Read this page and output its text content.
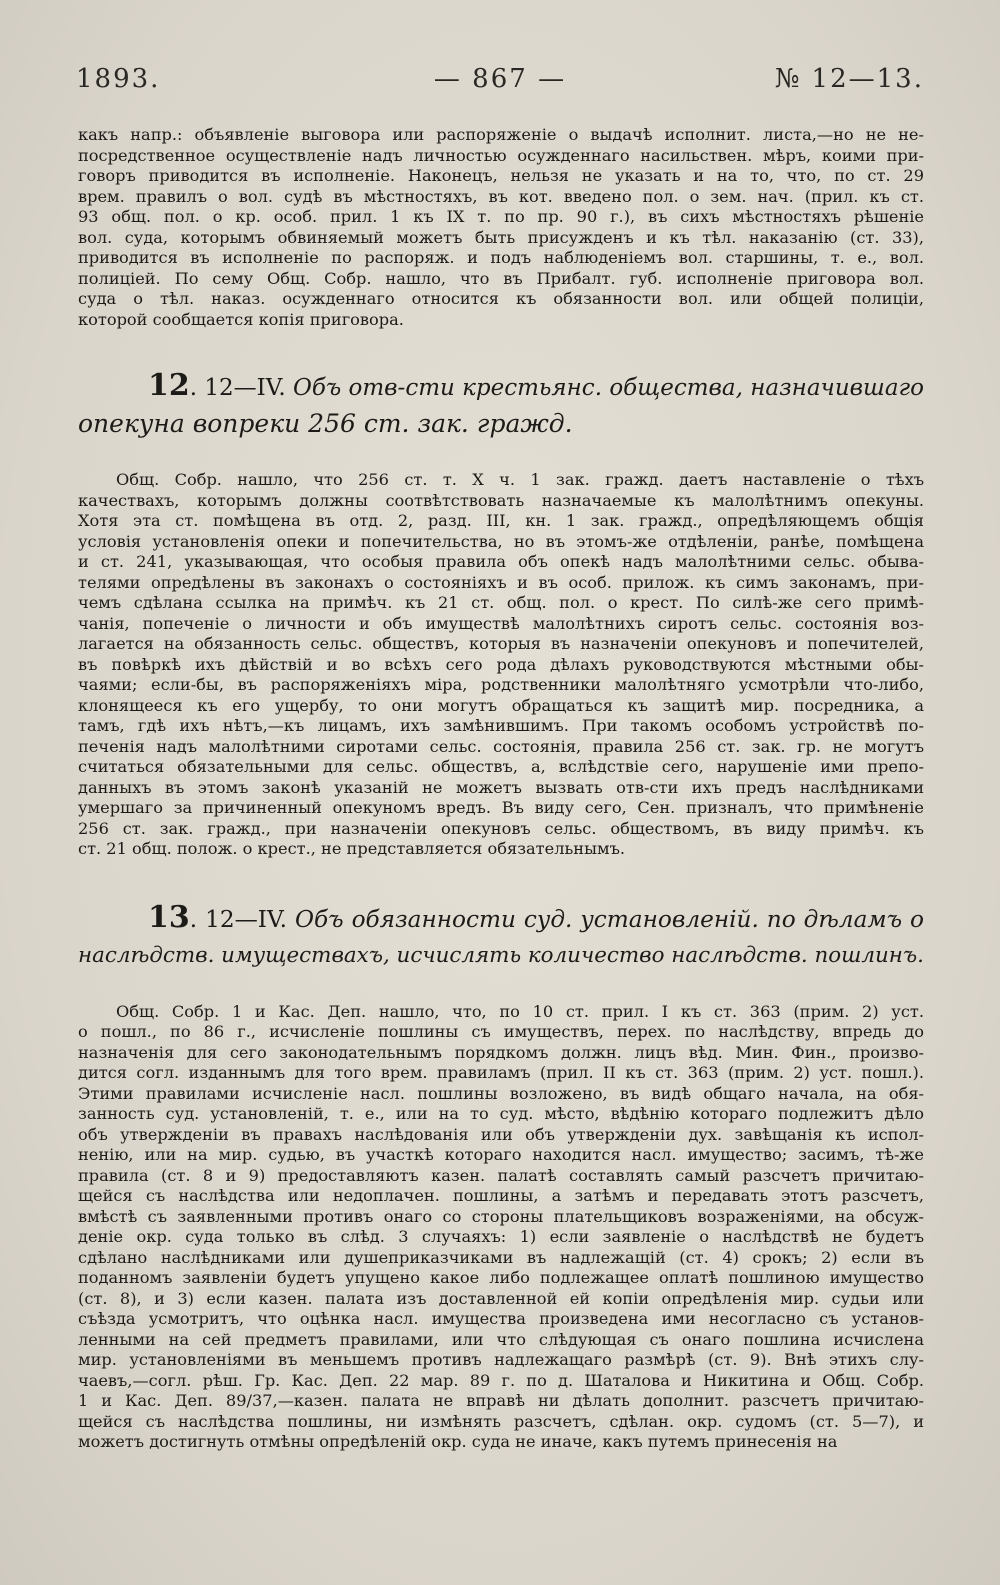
1893.	— 867 —	№ 12—13.
какъ напр.: объявленіе выговора или распоряженіе о выдачѣ исполнит. листа,—но не не-
посредственное осуществленіе надъ личностью осужденнаго насильствен. мѣръ, коими при-
говоръ приводится въ исполненіе. Наконецъ, нельзя не указать и на то, что, по ст. 29
врем. правилъ о вол. судѣ въ мѣстностяхъ, въ кот. введено пол. о зем. нач. (прил. къ ст.
93 общ. пол. о кр. особ. прил. 1 къ IX т. по пр. 90 г.), въ сихъ мѣстностяхъ рѣшеніе
вол. суда, которымъ обвиняемый можетъ быть присужденъ и къ тѣл. наказанію (ст. 33),
приводится въ исполненіе по распоряж. и подъ наблюденіемъ вол. старшины, т. е., вол.
полиціей. По сему Общ. Собр. нашло, что въ Прибалт. губ. исполненіе приговора вол.
суда о тѣл. наказ. осужденнаго относится къ обязанности вол. или общей полиціи,
которой сообщается копія приговора.
12. 12—IV. Объ отв-сти крестьянс. общества, назначившаго
опекуна вопреки 256 ст. зак. гражд.
Общ. Собр. нашло, что 256 ст. т. X ч. 1 зак. гражд. даетъ наставленіе о тѣхъ
качествахъ, которымъ должны соотвѣтствовать назначаемые къ малолѣтнимъ опекуны.
Хотя эта ст. помѣщена въ отд. 2, разд. III, кн. 1 зак. гражд., опредѣляющемъ общія
условія установленія опеки и попечительства, но въ этомъ-же отдѣленіи, ранѣе, помѣщена
и ст. 241, указывающая, что особыя правила объ опекѣ надъ малолѣтними сельс. обыва-
телями опредѣлены въ законахъ о состояніяхъ и въ особ. прилож. къ симъ законамъ, при-
чемъ сдѣлана ссылка на примѣч. къ 21 ст. общ. пол. о крест. По силѣ-же сего примѣ-
чанія, попеченіе о личности и объ имуществѣ малолѣтнихъ сиротъ сельс. состоянія воз-
лагается на обязанность сельс. обществъ, которыя въ назначеніи опекуновъ и попечителей,
въ повѣркѣ ихъ дѣйствій и во всѣхъ сего рода дѣлахъ руководствуются мѣстными обы-
чаями; если-бы, въ распоряженіяхъ міра, родственники малолѣтняго усмотрѣли что-либо,
клонящееся къ его ущербу, то они могутъ обращаться къ защитѣ мир. посредника, а
тамъ, гдѣ ихъ нѣтъ,—къ лицамъ, ихъ замѣнившимъ. При такомъ особомъ устройствѣ по-
печенія надъ малолѣтними сиротами сельс. состоянія, правила 256 ст. зак. гр. не могутъ
считаться обязательными для сельс. обществъ, а, вслѣдствіе сего, нарушеніе ими препо-
данныхъ въ этомъ законѣ указаній не можетъ вызвать отв-сти ихъ предъ наслѣдниками
умершаго за причиненный опекуномъ вредъ. Въ виду сего, Сен. призналъ, что примѣненіе
256 ст. зак. гражд., при назначеніи опекуновъ сельс. обществомъ, въ виду примѣч. къ
ст. 21 общ. полож. о крест., не представляется обязательнымъ.
13. 12—IV. Объ обязанности суд. установленій. по дѣламъ о
наслѣдств. имуществахъ, исчислять количество наслѣдств. пошлинъ.
Общ. Собр. 1 и Кас. Деп. нашло, что, по 10 ст. прил. I къ ст. 363 (прим. 2) уст.
о пошл., по 86 г., исчисленіе пошлины съ имуществъ, перех. по наслѣдству, впредь до
назначенія для сего законодательнымъ порядкомъ должн. лицъ вѣд. Мин. Фин., произво-
дится согл. изданнымъ для того врем. правиламъ (прил. II къ ст. 363 (прим. 2) уст. пошл.).
Этими правилами исчисленіе насл. пошлины возложено, въ видѣ общаго начала, на обя-
занность суд. установленій, т. е., или на то суд. мѣсто, вѣдѣнію котораго подлежитъ дѣло
объ утвержденіи въ правахъ наслѣдованія или объ утвержденіи дух. завѣщанія къ испол-
ненію, или на мир. судью, въ участкѣ котораго находится насл. имущество; засимъ, тѣ-же
правила (ст. 8 и 9) предоставляютъ казен. палатѣ составлять самый разсчетъ причитаю-
щейся съ наслѣдства или недоплачен. пошлины, а затѣмъ и передавать этотъ разсчетъ,
вмѣстѣ съ заявленными противъ онаго со стороны плательщиковъ возраженіями, на обсуж-
деніе окр. суда только въ слѣд. 3 случаяхъ: 1) если заявленіе о наслѣдствѣ не будетъ
сдѣлано наслѣдниками или душеприказчиками въ надлежащій (ст. 4) срокъ; 2) если въ
поданномъ заявленіи будетъ упущено какое либо подлежащее оплатѣ пошлиною имущество
(ст. 8), и 3) если казен. палата изъ доставленной ей копіи опредѣленія мир. судьи или
съѣзда усмотритъ, что оцѣнка насл. имущества произведена ими несогласно съ установ-
ленными на сей предметъ правилами, или что слѣдующая съ онаго пошлина исчислена
мир. установленіями въ меньшемъ противъ надлежащаго размѣрѣ (ст. 9). Внѣ этихъ слу-
чаевъ,—согл. рѣш. Гр. Кас. Деп. 22 мар. 89 г. по д. Шаталова и Никитина и Общ. Собр.
1 и Кас. Деп. 89/37,—казен. палата не вправѣ ни дѣлать дополнит. разсчетъ причитаю-
щейся съ наслѣдства пошлины, ни измѣнять разсчетъ, сдѣлан. окр. судомъ (ст. 5—7), и
можетъ достигнуть отмѣны опредѣленій окр. суда не иначе, какъ путемъ принесенія на
